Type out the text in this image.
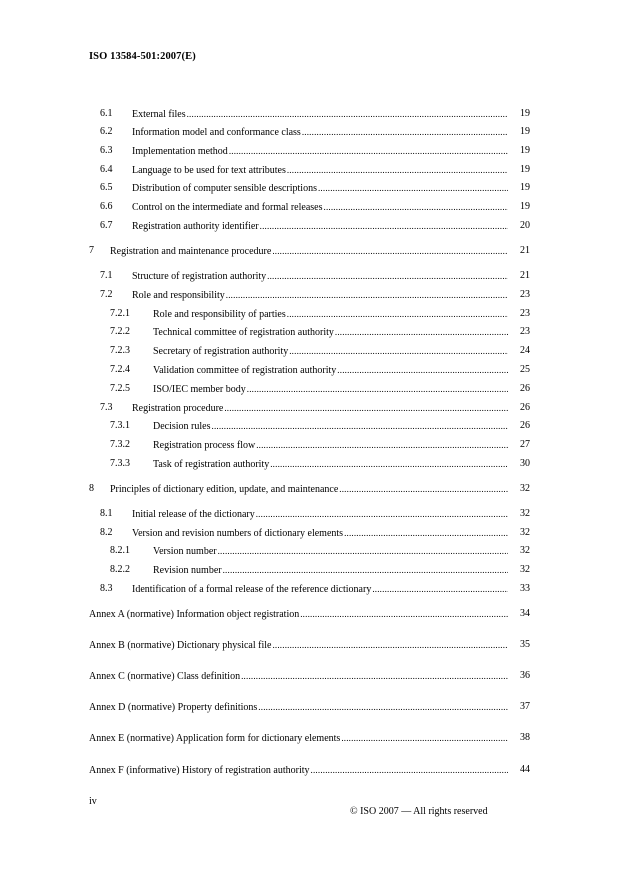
ISO 13584-501:2007(E)
6.1 External files .....	19
6.2 Information model and conformance class .....	19
6.3 Implementation method .....	19
6.4 Language to be used for text attributes .....	19
6.5 Distribution of computer sensible descriptions .....	19
6.6 Control on the intermediate and formal releases .....	19
6.7 Registration authority identifier .....	20
7 Registration and maintenance procedure .....	21
7.1 Structure of registration authority .....	21
7.2 Role and responsibility .....	23
7.2.1 Role and responsibility of parties .....	23
7.2.2 Technical committee of registration authority .....	23
7.2.3 Secretary of registration authority .....	24
7.2.4 Validation committee of registration authority .....	25
7.2.5 ISO/IEC member body .....	26
7.3 Registration procedure .....	26
7.3.1 Decision rules .....	26
7.3.2 Registration process flow .....	27
7.3.3 Task of registration authority .....	30
8 Principles of dictionary edition, update, and maintenance .....	32
8.1 Initial release of the dictionary .....	32
8.2 Version and revision numbers of dictionary elements .....	32
8.2.1 Version number .....	32
8.2.2 Revision number .....	32
8.3 Identification of a formal release of the reference dictionary .....	33
Annex A (normative) Information object registration .....	34
Annex B (normative) Dictionary physical file .....	35
Annex C (normative) Class definition .....	36
Annex D (normative) Property definitions .....	37
Annex E (normative) Application form for dictionary elements .....	38
Annex F (informative) History of registration authority .....	44
iv
© ISO 2007 — All rights reserved
